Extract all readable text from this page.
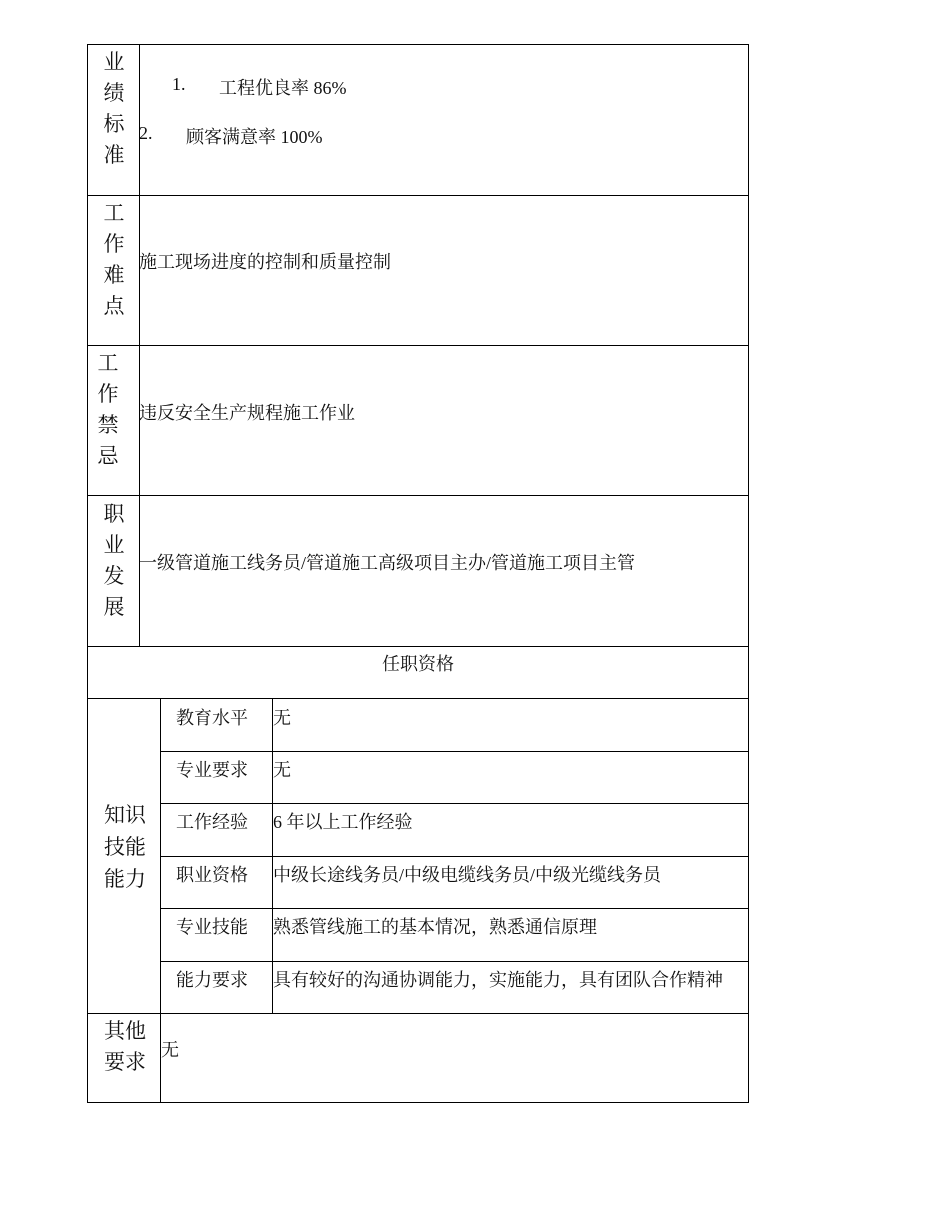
业
绩
标
准
1. 工程优良率 86%
2. 顾客满意率 100%
工
作
难
点
施工现场进度的控制和质量控制
工
作
禁
忌
违反安全生产规程施工作业
职
业
发
展
一级管道施工线务员/管道施工高级项目主办/管道施工项目主管
任职资格
知识
技能
能力
教育水平 无
专业要求 无
工作经验 6 年以上工作经验
职业资格 中级长途线务员/中级电缆线务员/中级光缆线务员
专业技能 熟悉管线施工的基本情况，熟悉通信原理
能力要求 具有较好的沟通协调能力，实施能力，具有团队合作精神
其他
要求 无
